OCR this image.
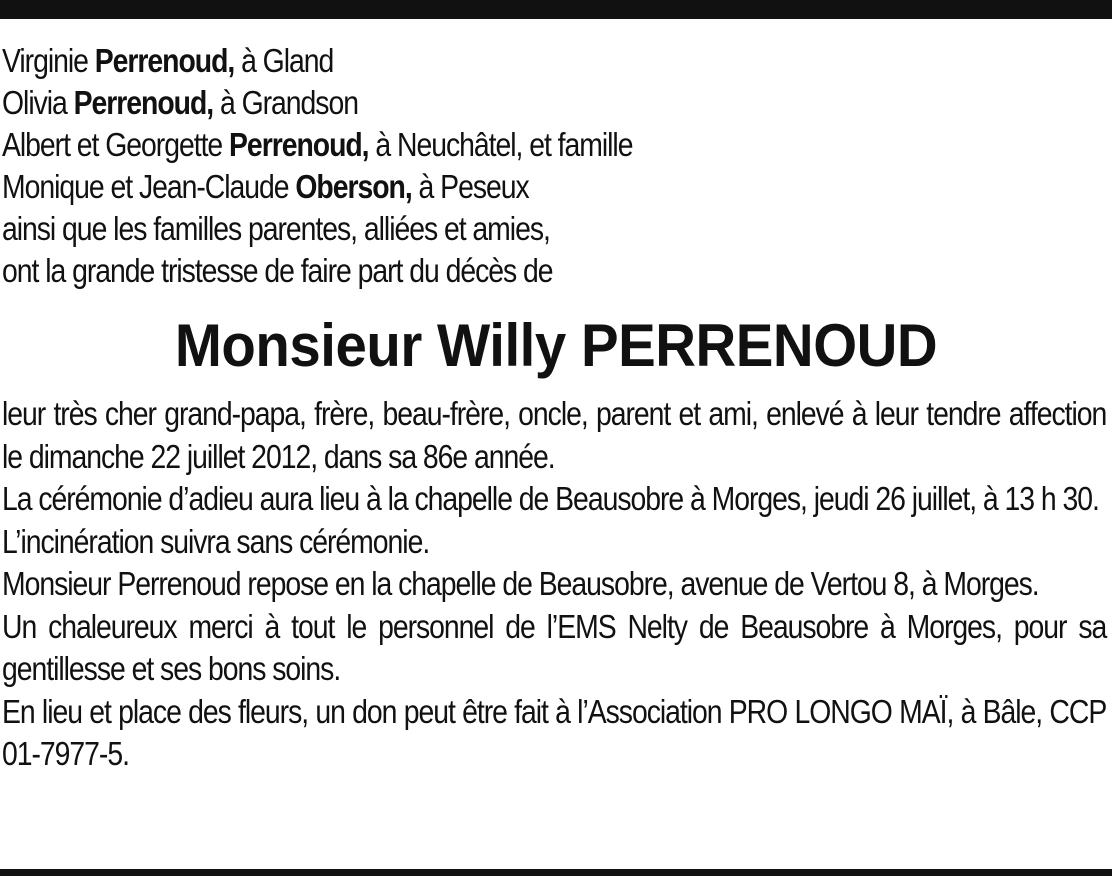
Virginie Perrenoud, à Gland
Olivia Perrenoud, à Grandson
Albert et Georgette Perrenoud, à Neuchâtel, et famille
Monique et Jean-Claude Oberson, à Peseux
ainsi que les familles parentes, alliées et amies,
ont la grande tristesse de faire part du décès de
Monsieur Willy PERRENOUD
leur très cher grand-papa, frère, beau-frère, oncle, parent et ami, enlevé à leur tendre affection le dimanche 22 juillet 2012, dans sa 86e année.
La cérémonie d’adieu aura lieu à la chapelle de Beausobre à Morges, jeudi 26 juillet, à 13 h 30.
L’incinération suivra sans cérémonie.
Monsieur Perrenoud repose en la chapelle de Beausobre, avenue de Vertou 8, à Morges.
Un chaleureux merci à tout le personnel de l’EMS Nelty de Beausobre à Morges, pour sa gentillesse et ses bons soins.
En lieu et place des fleurs, un don peut être fait à l’Association PRO LONGO MAÏ, à Bâle, CCP 01-7977-5.
